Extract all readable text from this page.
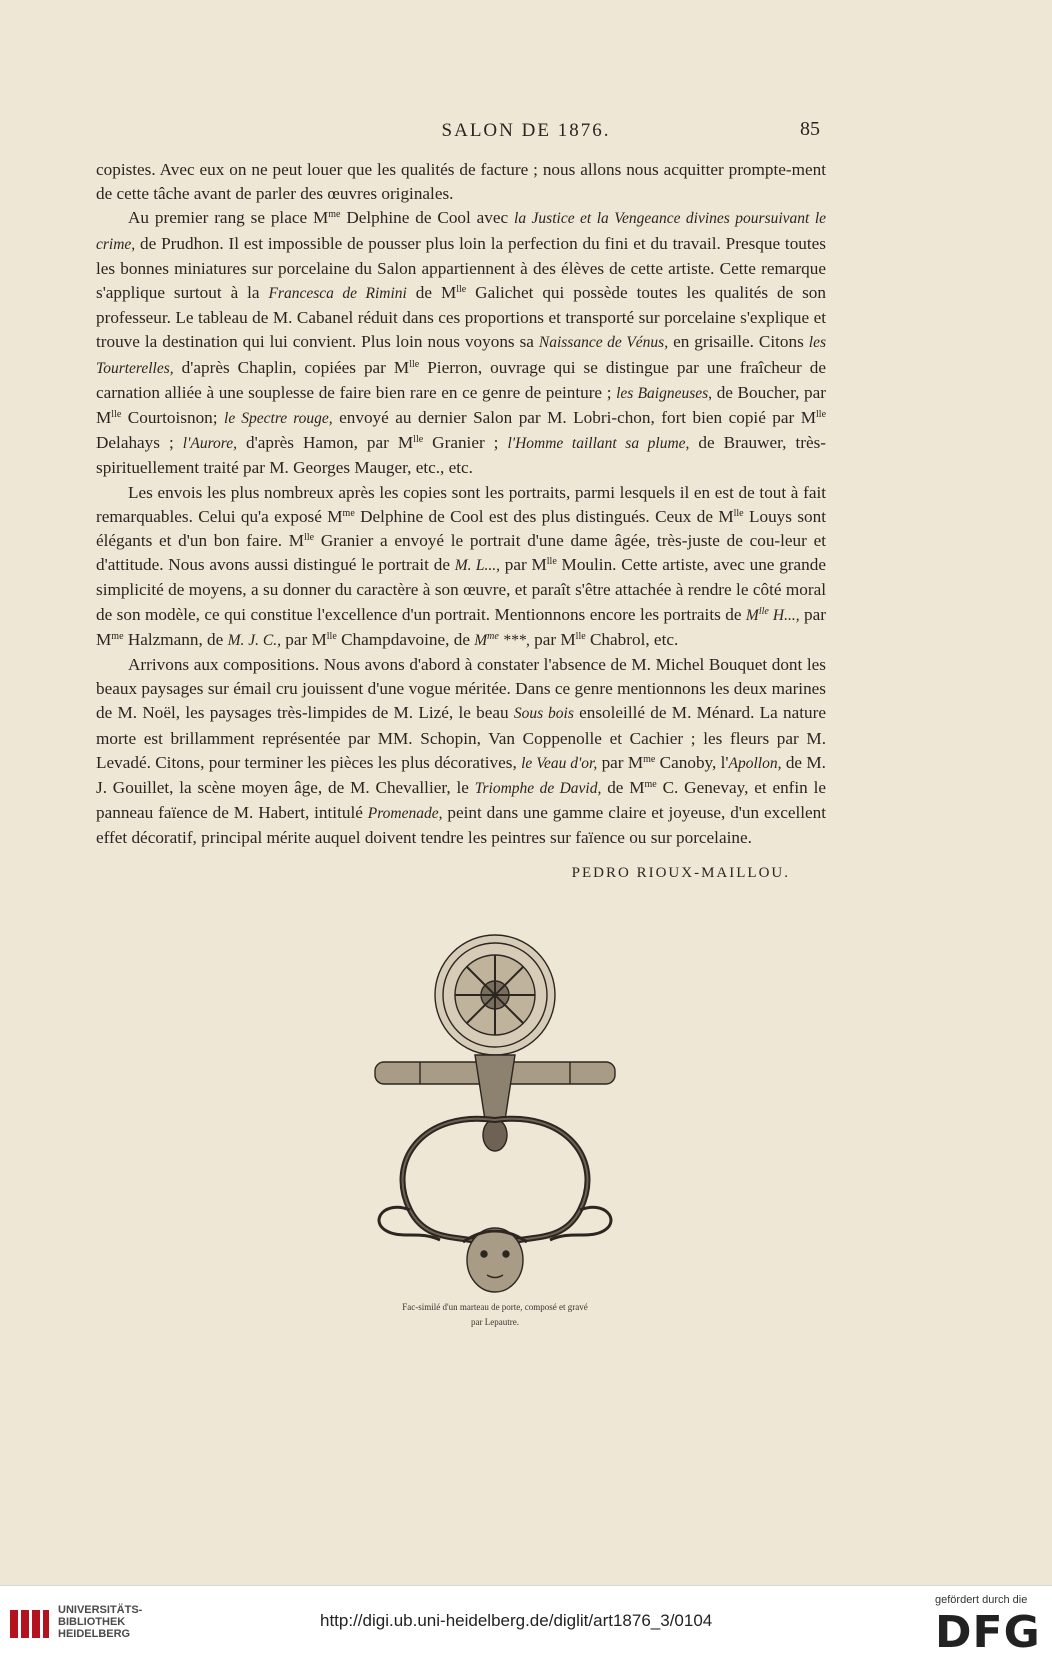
SALON DE 1876.	85

copistes. Avec eux on ne peut louer que les qualités de facture ; nous allons nous acquitter prompte-ment de cette tâche avant de parler des œuvres originales.

Au premier rang se place $M^{me}$ Delphine de Cool avec la Justice et la Vengeance divines poursuivant le crime, de Prudhon. Il est impossible de pousser plus loin la perfection du fini et du travail. Presque toutes les bonnes miniatures sur porcelaine du Salon appartiennent à des élèves de cette artiste. Cette remarque s'applique surtout à la Francesca de Rimini de $M^{lle}$ Galichet qui possède toutes les qualités de son professeur. Le tableau de M. Cabanel réduit dans ces proportions et transporté sur porcelaine s'explique et trouve la destination qui lui convient. Plus loin nous voyons sa Naissance de Vénus, en grisaille. Citons les Tourterelles, d'après Chaplin, copiées par $M^{lle}$ Pierron, ouvrage qui se distingue par une fraîcheur de carnation alliée à une souplesse de faire bien rare en ce genre de peinture ; les Baigneuses, de Boucher, par $M^{lle}$ Courtoisnon; le Spectre rouge, envoyé au dernier Salon par M. Lobri-chon, fort bien copié par $M^{lle}$ Delahays ; l'Aurore, d'après Hamon, par $M^{lle}$ Granier ; l'Homme taillant sa plume, de Brauwer, très-spirituellement traité par M. Georges Mauger, etc., etc.

Les envois les plus nombreux après les copies sont les portraits, parmi lesquels il en est de tout à fait remarquables. Celui qu'a exposé $M^{me}$ Delphine de Cool est des plus distingués. Ceux de $M^{lle}$ Louys sont élégants et d'un bon faire. $M^{lle}$ Granier a envoyé le portrait d'une dame âgée, très-juste de cou-leur et d'attitude. Nous avons aussi distingué le portrait de M. L..., par $M^{lle}$ Moulin. Cette artiste, avec une grande simplicité de moyens, a su donner du caractère à son œuvre, et paraît s'être attachée à rendre le côté moral de son modèle, ce qui constitue l'excellence d'un portrait. Mentionnons encore les portraits de $M^{lle}$ H..., par $M^{me}$ Halzmann, de M. J. C., par $M^{lle}$ Champdavoine, de $M^{me}$ ***, par $M^{lle}$ Chabrol, etc.

Arrivons aux compositions. Nous avons d'abord à constater l'absence de M. Michel Bouquet dont les beaux paysages sur émail cru jouissent d'une vogue méritée. Dans ce genre mentionnons les deux marines de M. Noël, les paysages très-limpides de M. Lizé, le beau Sous bois ensoleillé de M. Ménard. La nature morte est brillamment représentée par MM. Schopin, Van Coppenolle et Cachier ; les fleurs par M. Levadé. Citons, pour terminer les pièces les plus décoratives, le Veau d'or, par $M^{me}$ Canoby, l'Apollon, de M. J. Gouillet, la scène moyen âge, de M. Chevallier, le Triomphe de David, de $M^{me}$ C. Genevay, et enfin le panneau faïence de M. Habert, intitulé Promenade, peint dans une gamme claire et joyeuse, d'un excellent effet décoratif, principal mérite auquel doivent tendre les peintres sur faïence ou sur porcelaine.

PEDRO RIOUX-MAILLOU.

Fac-similé d'un marteau de porte, composé et gravé
par Lepautre.
UNIVERSITÄTS-
BIBLIOTHEK
HEIDELBERG
http://digi.ub.uni-heidelberg.de/diglit/art1876_3/0104
gefördert durch die
DFG
